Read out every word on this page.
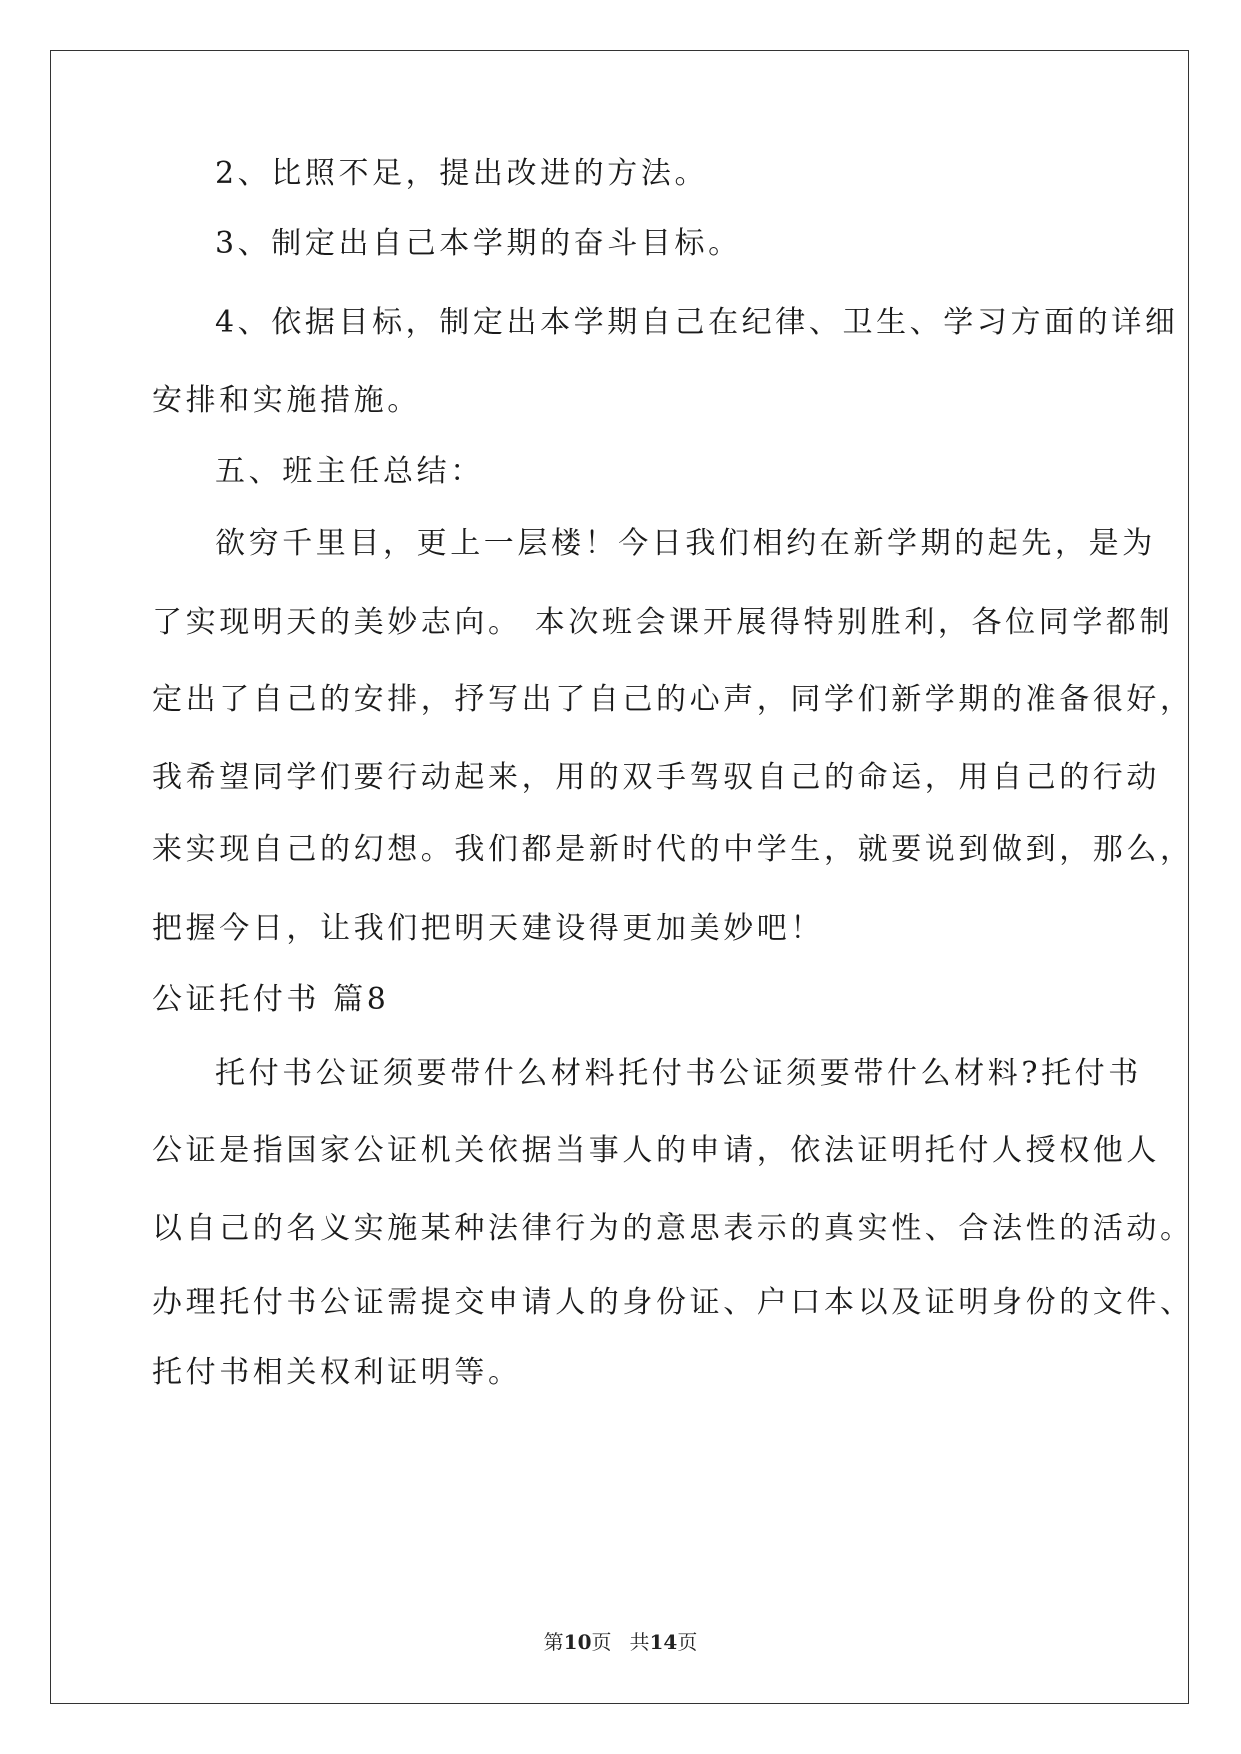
2、比照不足，提出改进的方法。
3、制定出自己本学期的奋斗目标。
4、依据目标，制定出本学期自己在纪律、卫生、学习方面的详细
安排和实施措施。
五、班主任总结：
欲穷千里目，更上一层楼！今日我们相约在新学期的起先，是为
了实现明天的美妙志向。 本次班会课开展得特别胜利，各位同学都制
定出了自己的安排，抒写出了自己的心声，同学们新学期的准备很好，
我希望同学们要行动起来，用的双手驾驭自己的命运，用自己的行动
来实现自己的幻想。我们都是新时代的中学生，就要说到做到，那么，
把握今日，让我们把明天建设得更加美妙吧！
公证托付书 篇8
托付书公证须要带什么材料托付书公证须要带什么材料?托付书
公证是指国家公证机关依据当事人的申请，依法证明托付人授权他人
以自己的名义实施某种法律行为的意思表示的真实性、合法性的活动。
办理托付书公证需提交申请人的身份证、户口本以及证明身份的文件、
托付书相关权利证明等。
第10页 共14页
